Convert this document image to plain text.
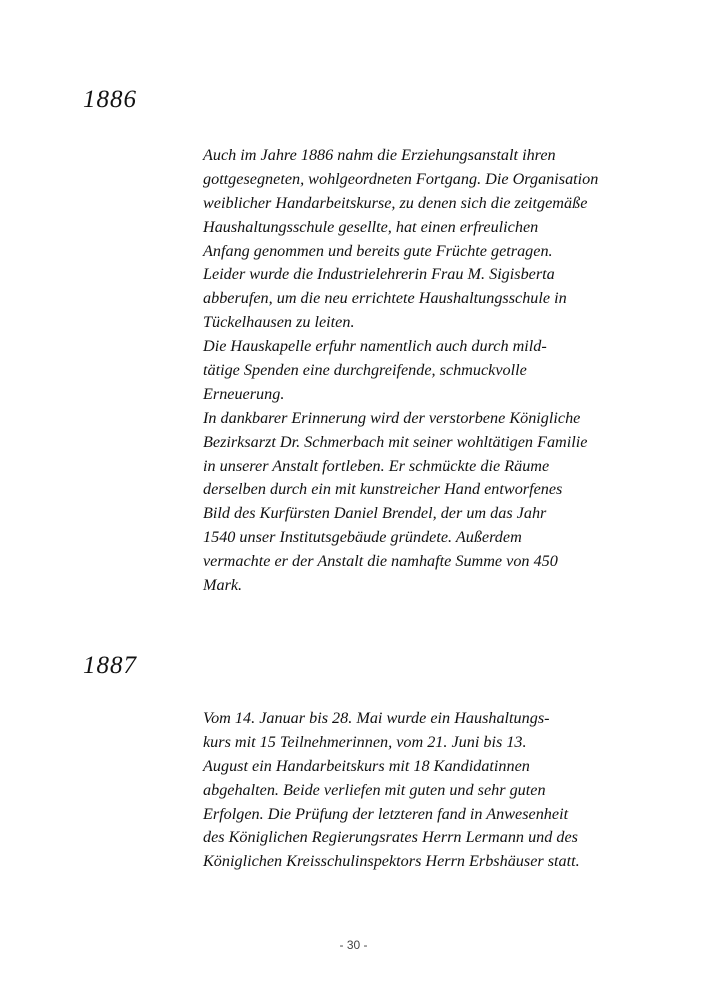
1886
Auch im Jahre 1886 nahm die Erziehungsanstalt ihren
gottgesegneten, wohlgeordneten Fortgang. Die Organisation
weiblicher Handarbeitskurse, zu denen sich die zeitgemäße
Haushaltungsschule gesellte, hat einen erfreulichen
Anfang genommen und bereits gute Früchte getragen.
Leider wurde die Industrielehrerin Frau M. Sigisberta
abberufen, um die neu errichtete Haushaltungsschule in
Tückelhausen zu leiten.
Die Hauskapelle erfuhr namentlich auch durch mild-
tätige Spenden eine durchgreifende, schmuckvolle
Erneuerung.
In dankbarer Erinnerung wird der verstorbene Königliche
Bezirksarzt Dr. Schmerbach mit seiner wohltätigen Familie
in unserer Anstalt fortleben. Er schmückte die Räume
derselben durch ein mit kunstreicher Hand entworfenes
Bild des Kurfürsten Daniel Brendel, der um das Jahr
1540 unser Institutsgebäude gründete. Außerdem
vermachte er der Anstalt die namhafte Summe von 450
Mark.
1887
Vom 14. Januar bis 28. Mai wurde ein Haushaltungs-
kurs mit 15 Teilnehmerinnen, vom 21. Juni bis 13.
August ein Handarbeitskurs mit 18 Kandidatinnen
abgehalten. Beide verliefen mit guten und sehr guten
Erfolgen. Die Prüfung der letzteren fand in Anwesenheit
des Königlichen Regierungsrates Herrn Lermann und des
Königlichen Kreisschulinspektors Herrn Erbshäuser statt.
- 30 -
